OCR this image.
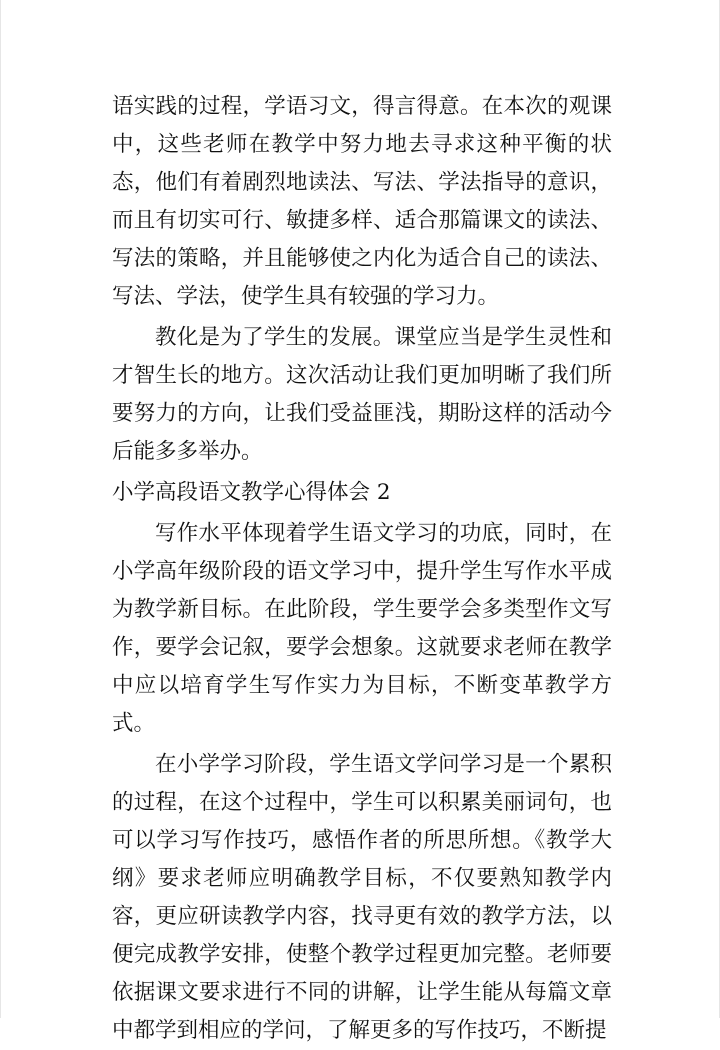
语实践的过程，学语习文，得言得意。在本次的观课中，这些老师在教学中努力地去寻求这种平衡的状态，他们有着剧烈地读法、写法、学法指导的意识，而且有切实可行、敏捷多样、适合那篇课文的读法、写法的策略，并且能够使之内化为适合自己的读法、写法、学法，使学生具有较强的学习力。

教化是为了学生的发展。课堂应当是学生灵性和才智生长的地方。这次活动让我们更加明晰了我们所要努力的方向，让我们受益匪浅，期盼这样的活动今后能多多举办。

小学高段语文教学心得体会 2

写作水平体现着学生语文学习的功底，同时，在小学高年级阶段的语文学习中，提升学生写作水平成为教学新目标。在此阶段，学生要学会多类型作文写作，要学会记叙，要学会想象。这就要求老师在教学中应以培育学生写作实力为目标，不断变革教学方式。

在小学学习阶段，学生语文学问学习是一个累积的过程，在这个过程中，学生可以积累美丽词句，也可以学习写作技巧，感悟作者的所思所想。《教学大纲》要求老师应明确教学目标，不仅要熟知教学内容，更应研读教学内容，找寻更有效的教学方法，以便完成教学安排，使整个教学过程更加完整。老师要依据课文要求进行不同的讲解，让学生能从每篇文章中都学到相应的学问，了解更多的写作技巧，不断提
